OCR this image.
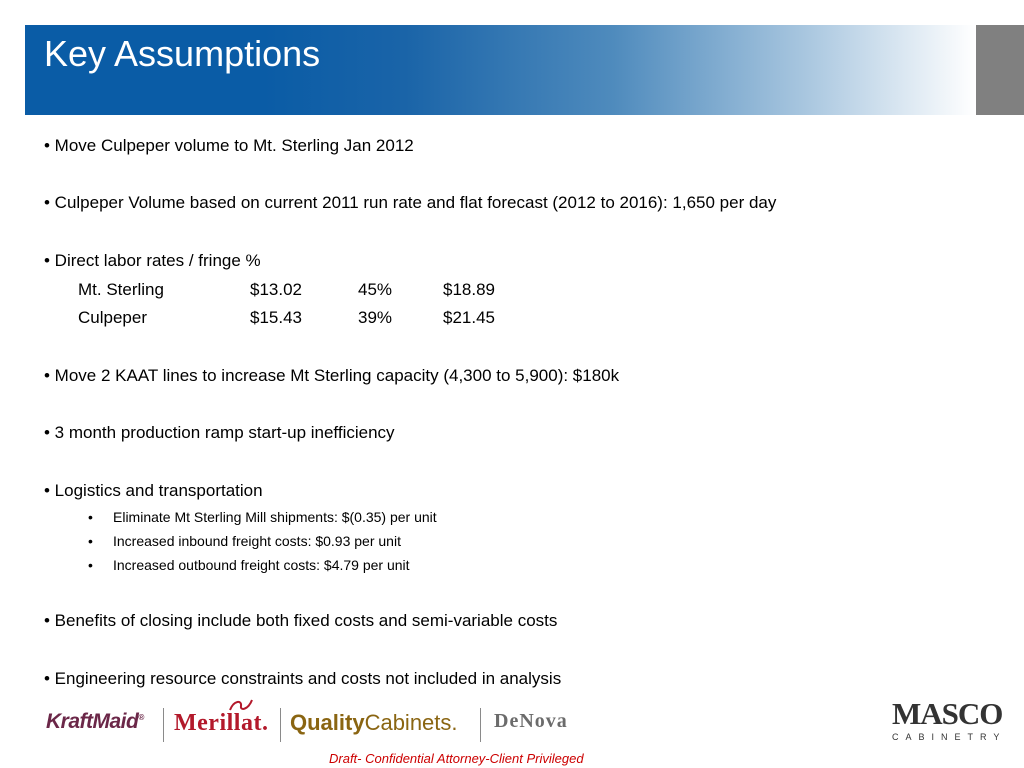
Key Assumptions
• Move Culpeper volume to Mt. Sterling Jan 2012
• Culpeper Volume based on current 2011 run rate and flat forecast (2012 to 2016): 1,650 per day
• Direct labor rates / fringe %
Mt. Sterling	$13.02	45%	$18.89
Culpeper	$15.43	39%	$21.45
• Move 2 KAAT lines to increase Mt Sterling capacity (4,300 to 5,900): $180k
• 3 month production ramp start-up inefficiency
• Logistics and transportation
• Eliminate Mt Sterling Mill shipments: $(0.35) per unit
• Increased inbound freight costs: $0.93 per unit
• Increased outbound freight costs: $4.79 per unit
• Benefits of closing include both fixed costs and semi-variable costs
• Engineering resource constraints and costs not included in analysis
KraftMaid® Merillat. QualityCabinets. DeNova	MASCO
CABINETRY
Draft- Confidential Attorney-Client Privileged
